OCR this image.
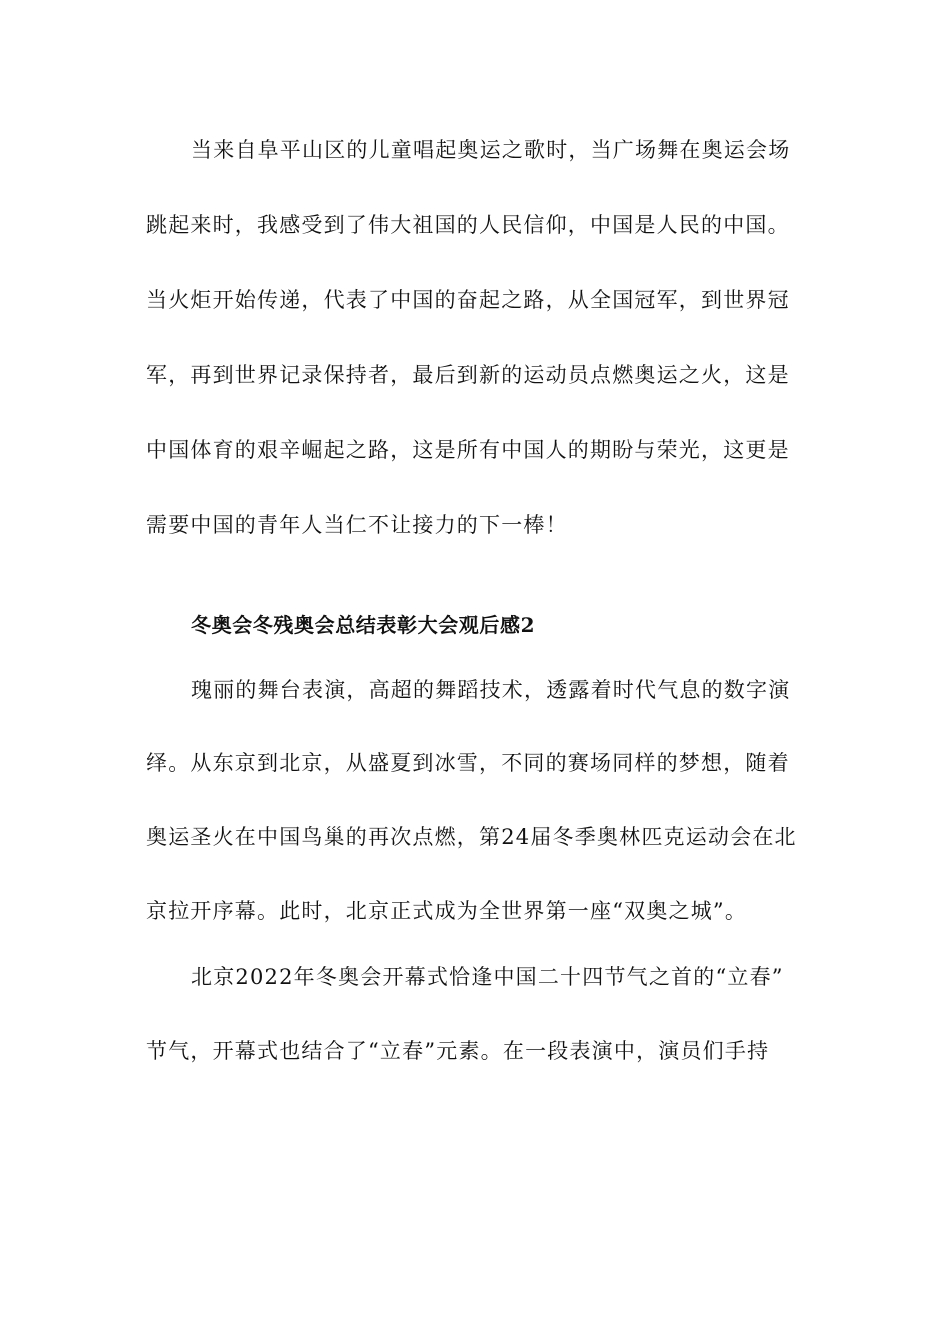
当来自阜平山区的儿童唱起奥运之歌时，当广场舞在奥运会场
跳起来时，我感受到了伟大祖国的人民信仰，中国是人民的中国。
当火炬开始传递，代表了中国的奋起之路，从全国冠军，到世界冠
军，再到世界记录保持者，最后到新的运动员点燃奥运之火，这是
中国体育的艰辛崛起之路，这是所有中国人的期盼与荣光，这更是
需要中国的青年人当仁不让接力的下一棒！
冬奥会冬残奥会总结表彰大会观后感2
瑰丽的舞台表演，高超的舞蹈技术，透露着时代气息的数字演
绎。从东京到北京，从盛夏到冰雪，不同的赛场同样的梦想，随着
奥运圣火在中国鸟巢的再次点燃，第24届冬季奥林匹克运动会在北
京拉开序幕。此时，北京正式成为全世界第一座“双奥之城”。
北京2022年冬奥会开幕式恰逢中国二十四节气之首的“立春”
节气，开幕式也结合了“立春”元素。在一段表演中，演员们手持
